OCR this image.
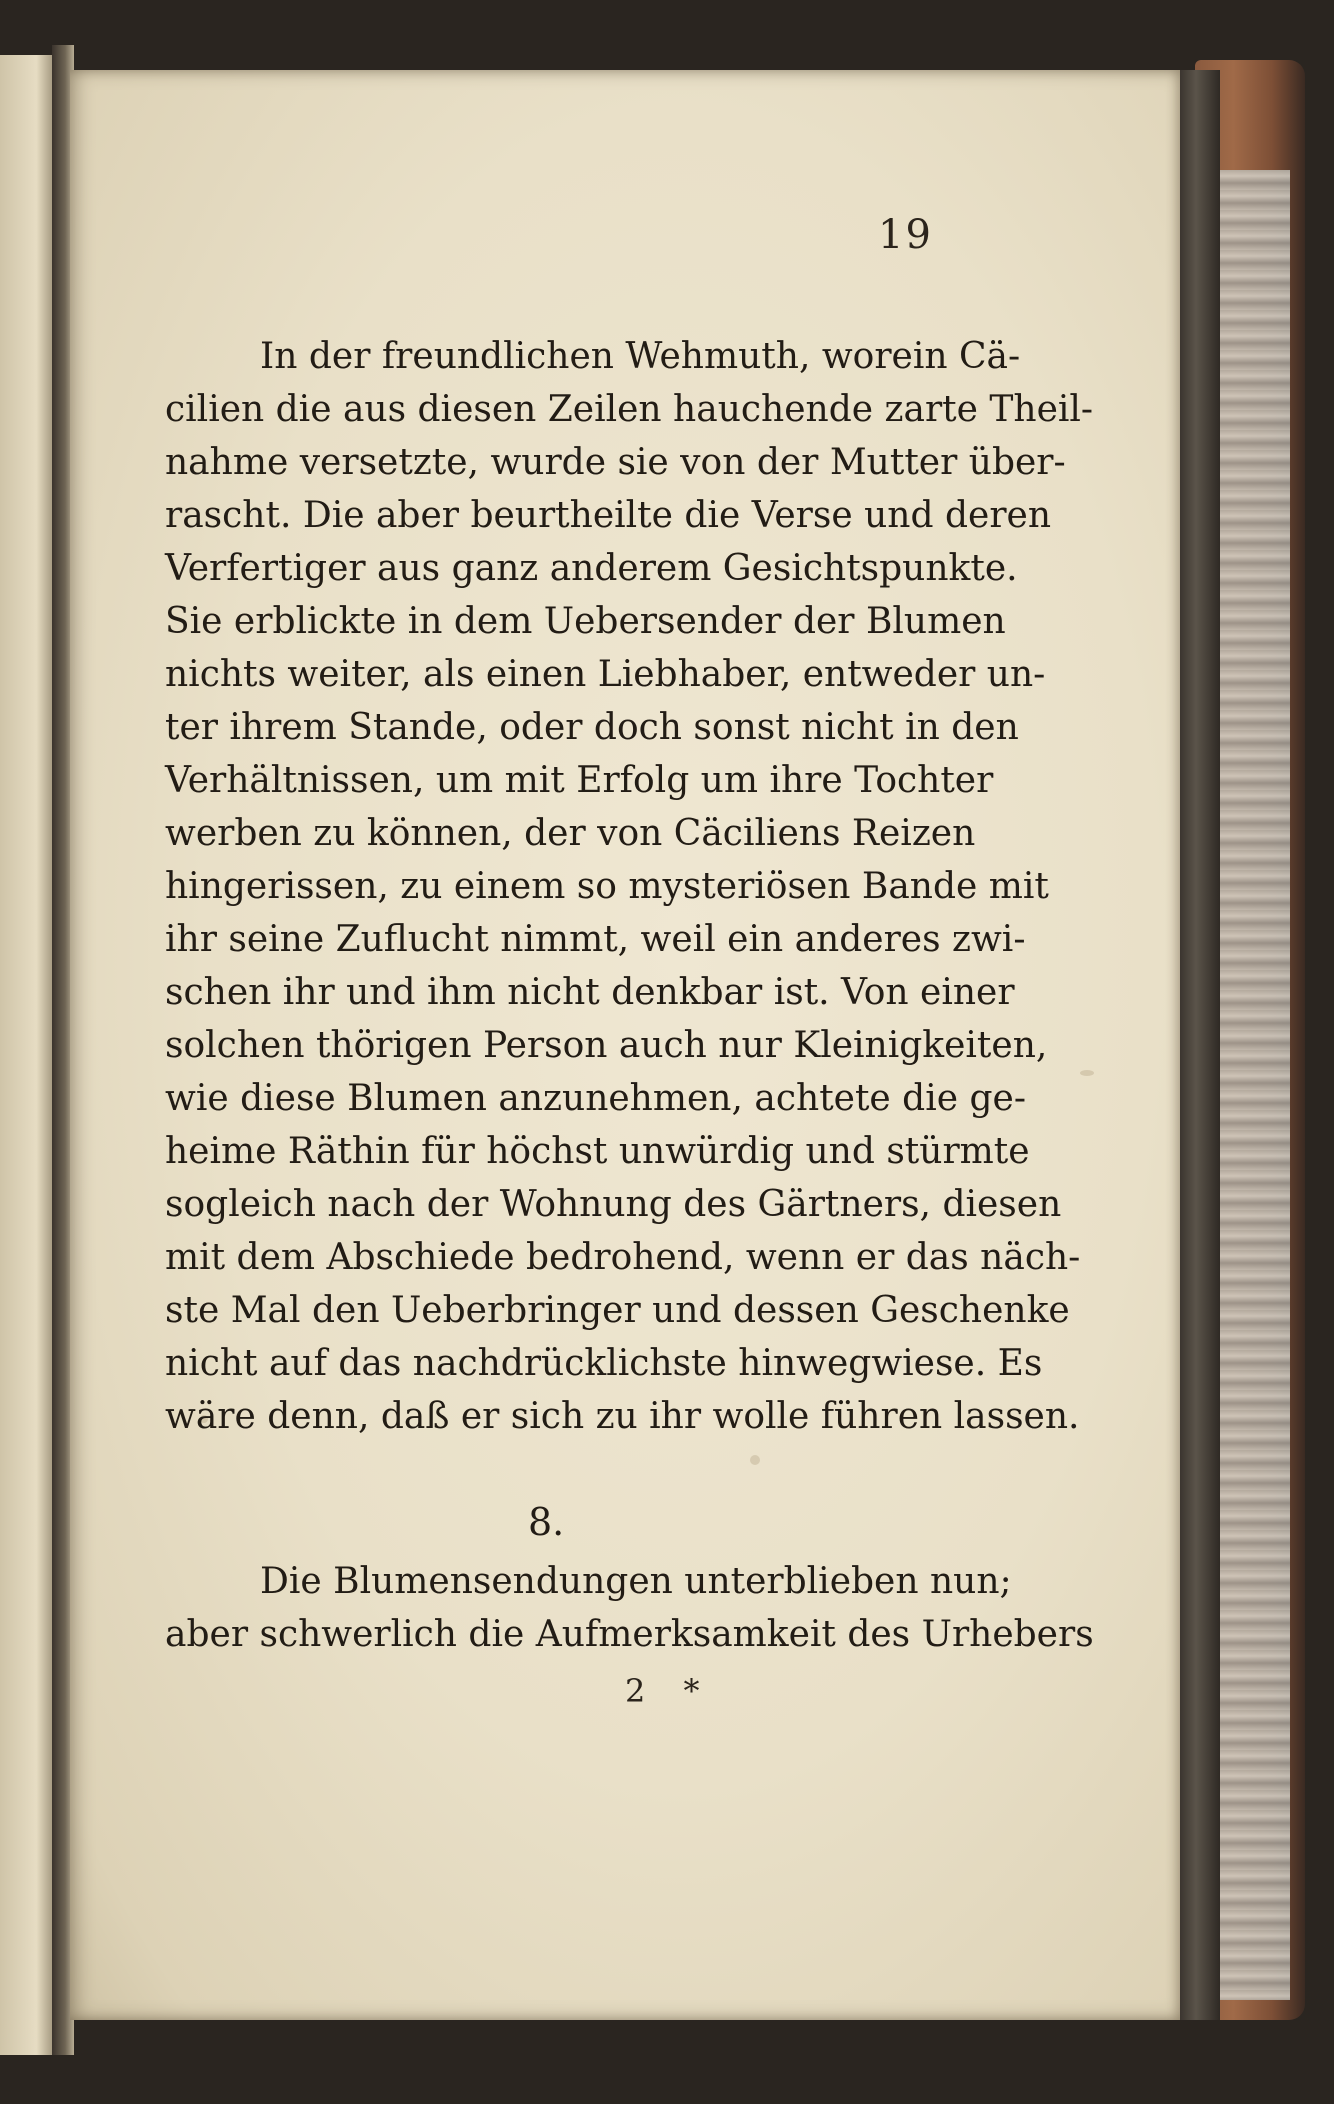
19
In der freundlichen Wehmuth, worein Cä-
cilien die aus diesen Zeilen hauchende zarte Theil-
nahme versetzte, wurde sie von der Mutter über-
rascht. Die aber beurtheilte die Verse und deren
Verfertiger aus ganz anderem Gesichtspunkte.
Sie erblickte in dem Uebersender der Blumen
nichts weiter, als einen Liebhaber, entweder un-
ter ihrem Stande, oder doch sonst nicht in den
Verhältnissen, um mit Erfolg um ihre Tochter
werben zu können, der von Cäciliens Reizen
hingerissen, zu einem so mysteriösen Bande mit
ihr seine Zuflucht nimmt, weil ein anderes zwi-
schen ihr und ihm nicht denkbar ist. Von einer
solchen thörigen Person auch nur Kleinigkeiten,
wie diese Blumen anzunehmen, achtete die ge-
heime Räthin für höchst unwürdig und stürmte
sogleich nach der Wohnung des Gärtners, diesen
mit dem Abschiede bedrohend, wenn er das näch-
ste Mal den Ueberbringer und dessen Geschenke
nicht auf das nachdrücklichste hinwegwiese. Es
wäre denn, daß er sich zu ihr wolle führen lassen.
8.
Die Blumensendungen unterblieben nun;
aber schwerlich die Aufmerksamkeit des Urhebers
2 *
